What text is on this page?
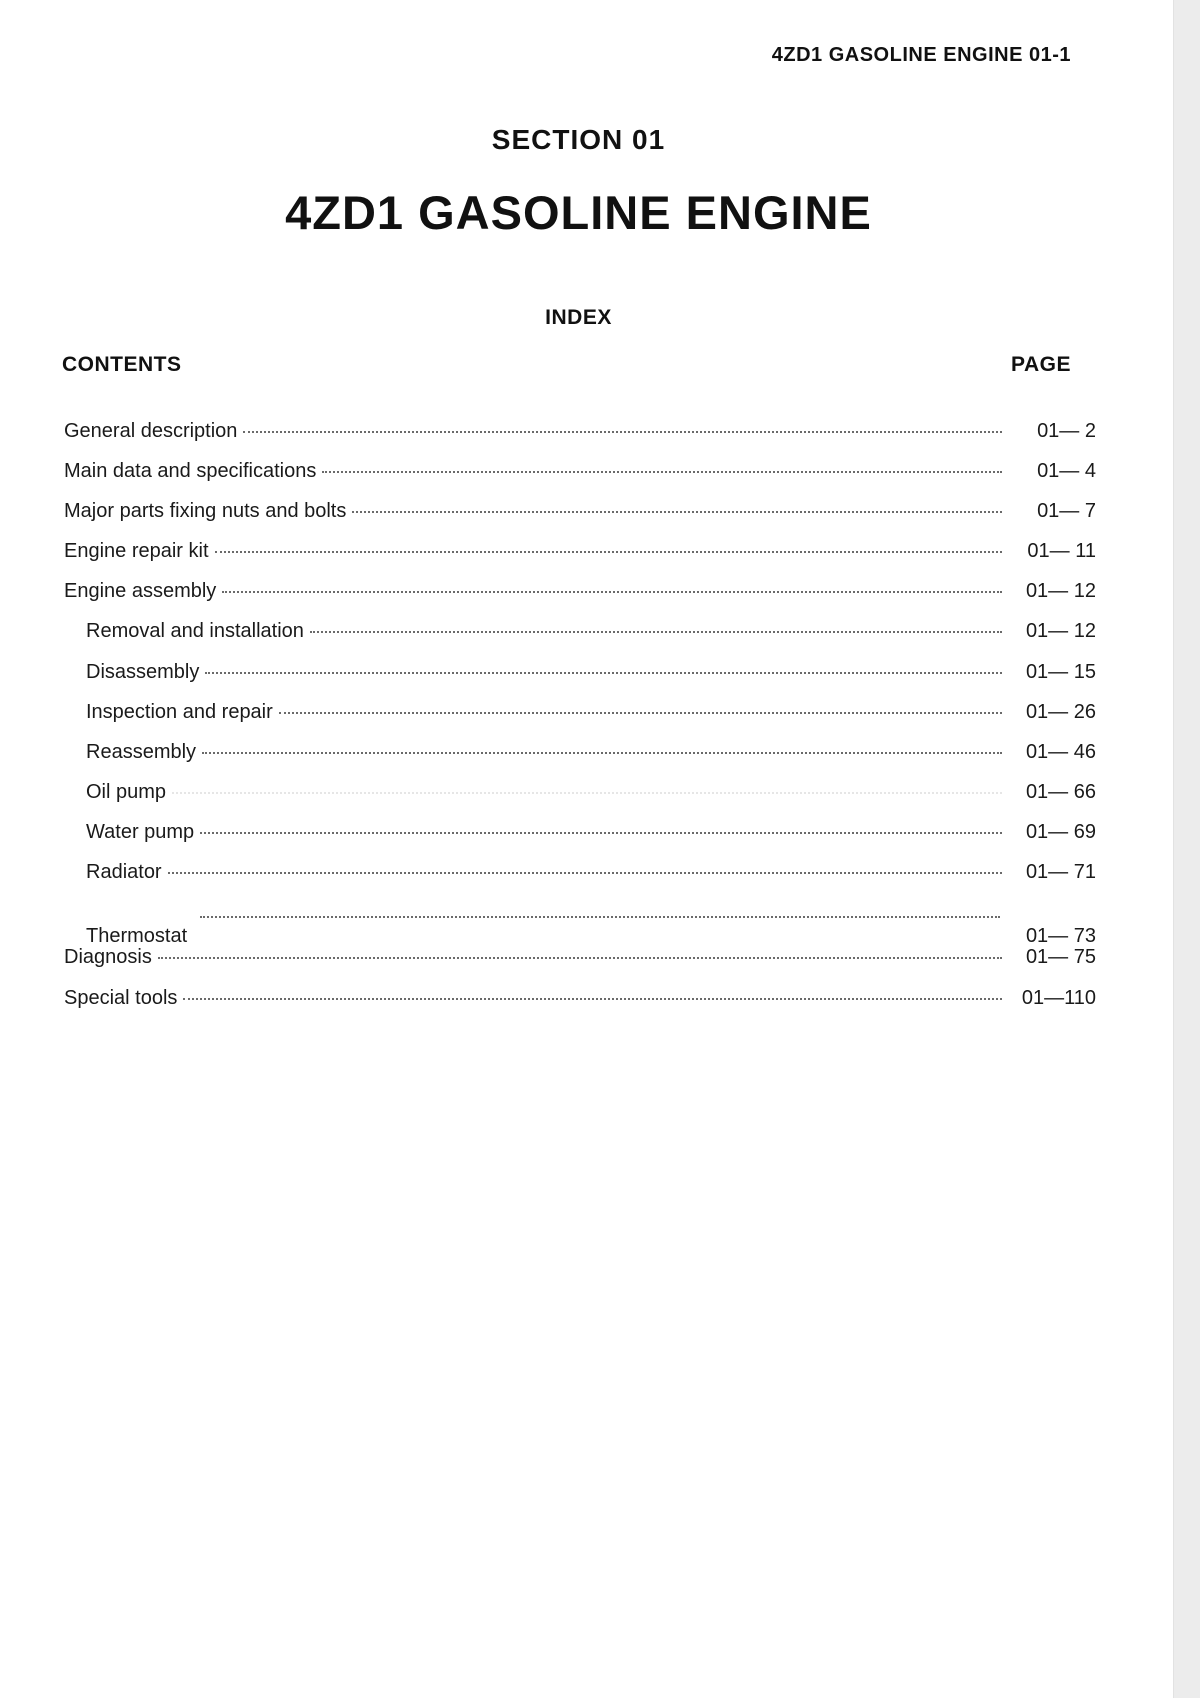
4ZD1 GASOLINE ENGINE 01-1
SECTION 01
4ZD1 GASOLINE ENGINE
INDEX
CONTENTS	PAGE
General description	01— 2
Main data and specifications	01— 4
Major parts fixing nuts and bolts	01— 7
Engine repair kit	01— 11
Engine assembly	01— 12
Removal and installation	01— 12
Disassembly	01— 15
Inspection and repair	01— 26
Reassembly	01— 46
Oil pump	01— 66
Water pump	01— 69
Radiator	01— 71
Thermostat	01— 73
Diagnosis	01— 75
Special tools	01—110
